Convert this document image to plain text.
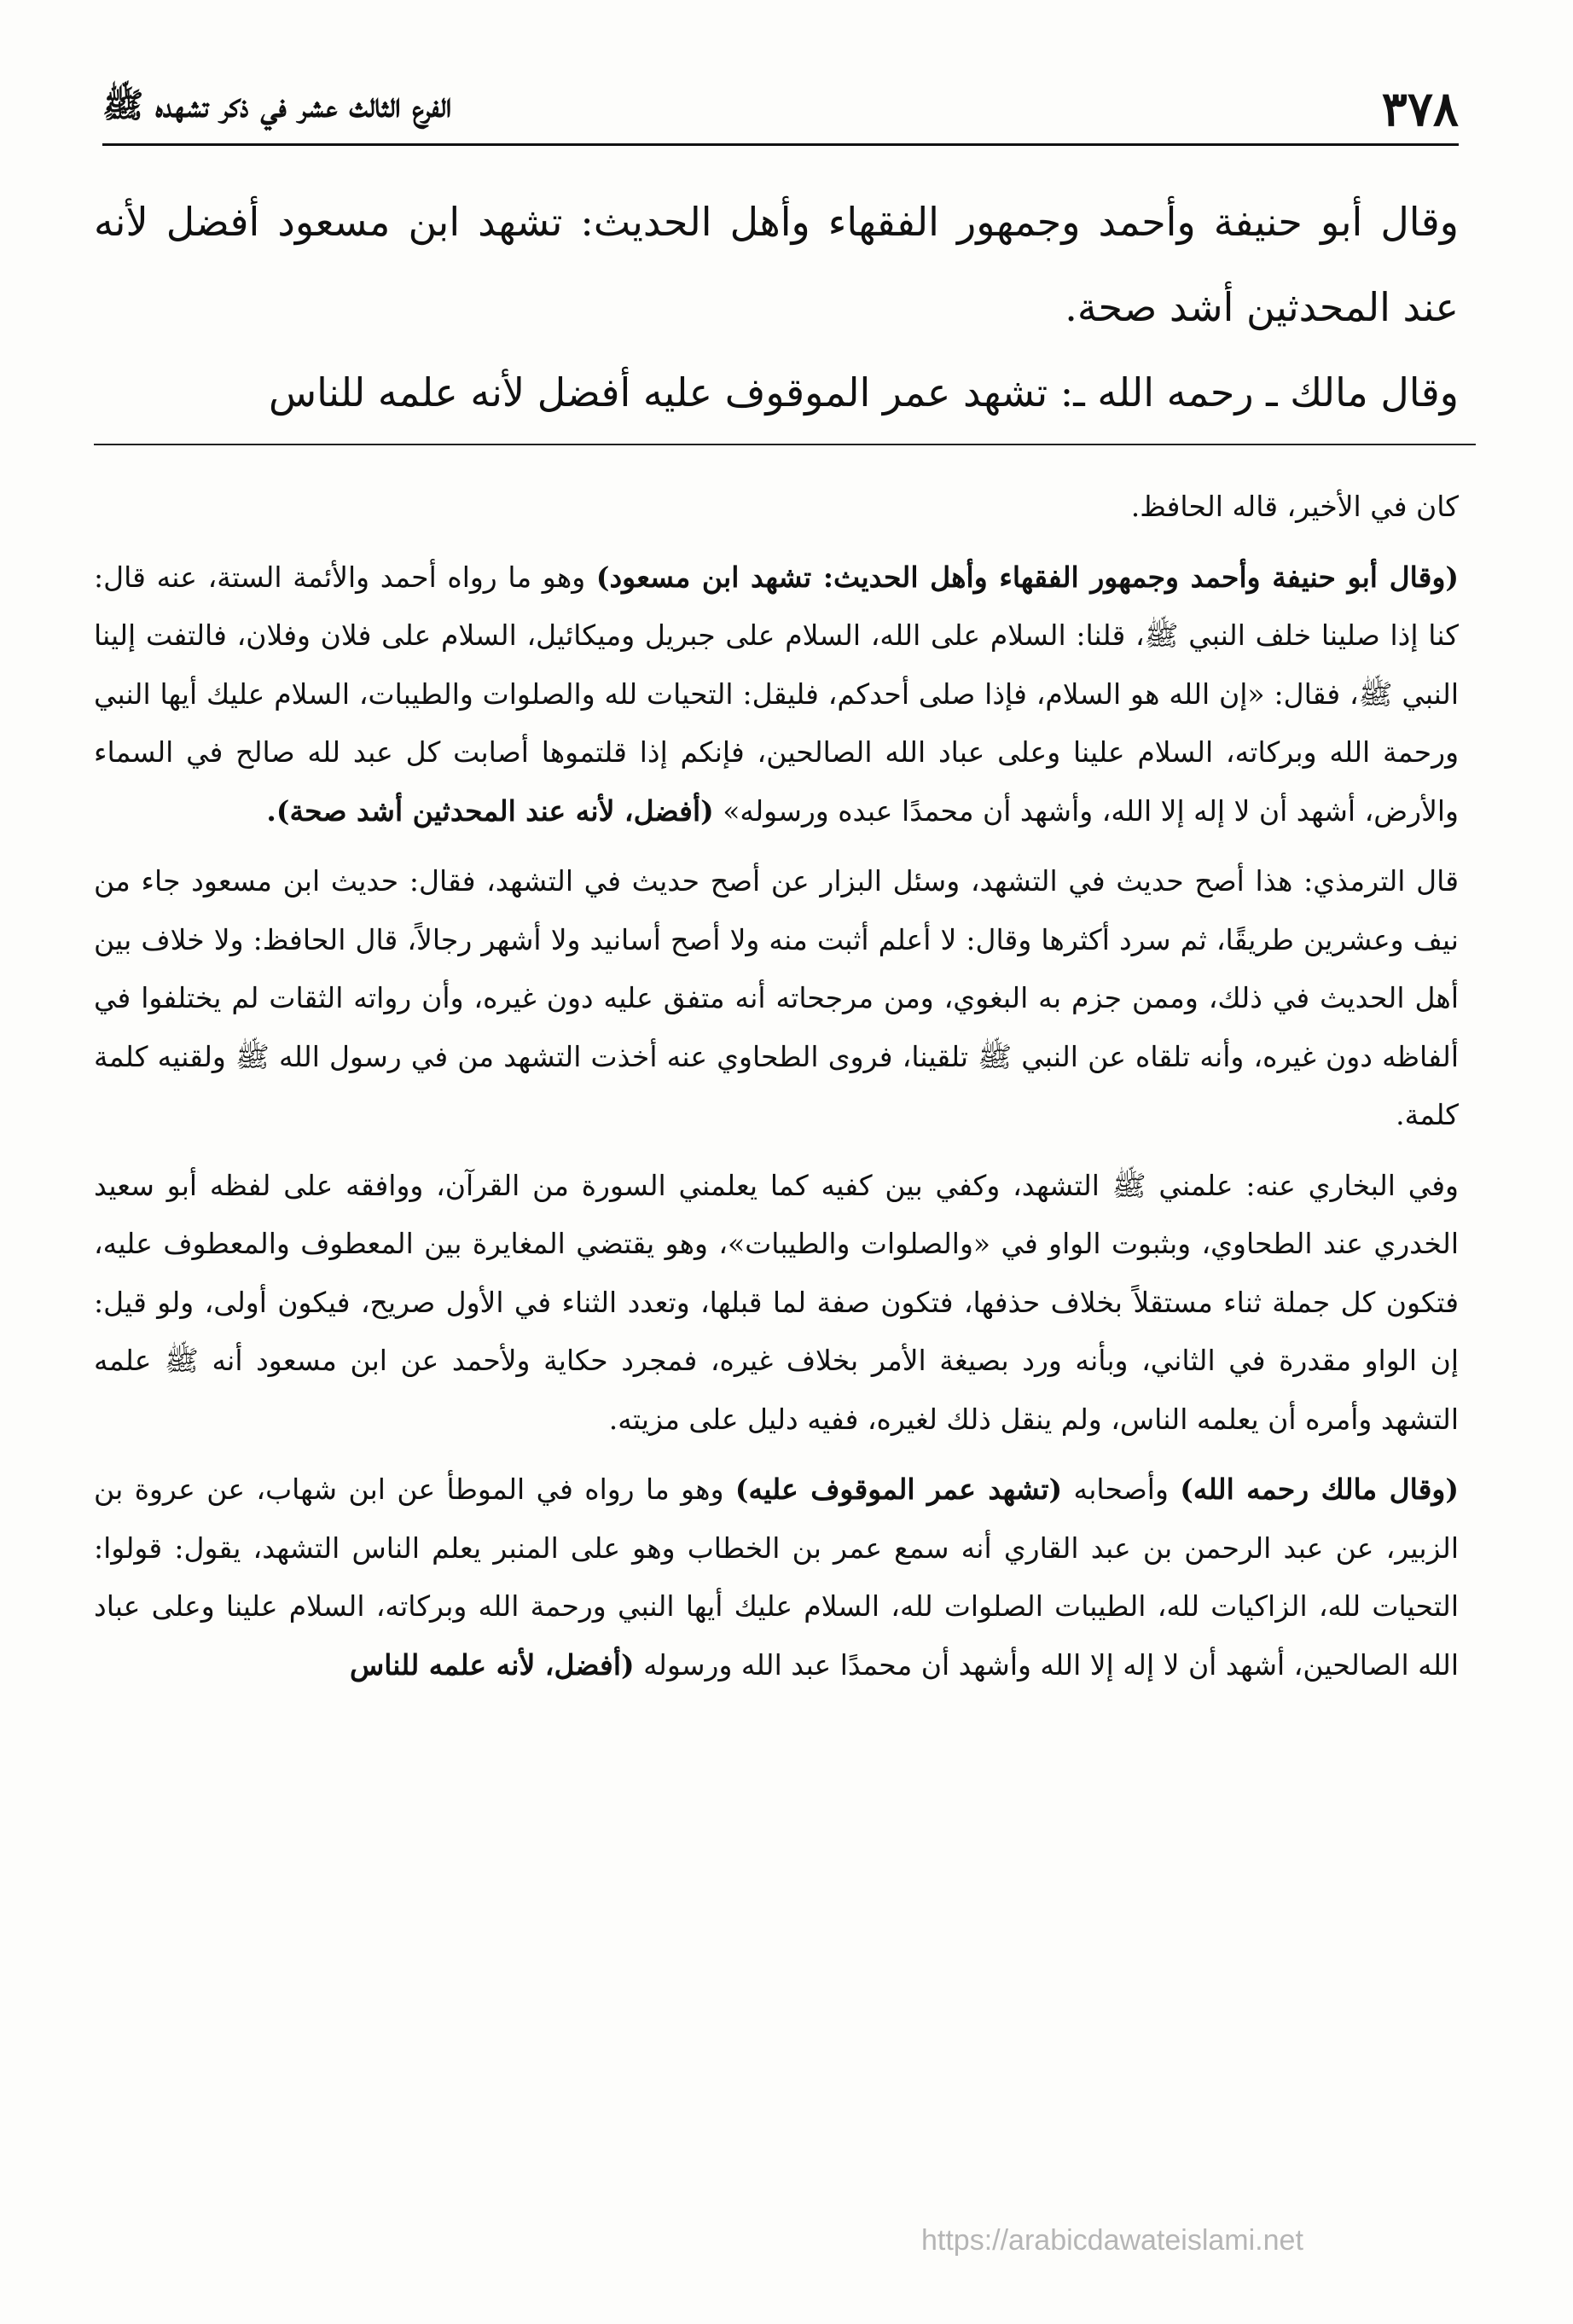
٣٧٨
الفرع الثالث عشر في ذكر تشهده ﷺ

وقال أبو حنيفة وأحمد وجمهور الفقهاء وأهل الحديث: تشهد ابن مسعود أفضل لأنه عند المحدثين أشد صحة.

وقال مالك ـ رحمه الله ـ: تشهد عمر الموقوف عليه أفضل لأنه علمه للناس

كان في الأخير، قاله الحافظ.

(وقال أبو حنيفة وأحمد وجمهور الفقهاء وأهل الحديث: تشهد ابن مسعود) وهو ما رواه أحمد والأئمة الستة، عنه قال: كنا إذا صلينا خلف النبي ﷺ، قلنا: السلام على الله، السلام على جبريل وميكائيل، السلام على فلان وفلان، فالتفت إلينا النبي ﷺ، فقال: «إن الله هو السلام، فإذا صلى أحدكم، فليقل: التحيات لله والصلوات والطيبات، السلام عليك أيها النبي ورحمة الله وبركاته، السلام علينا وعلى عباد الله الصالحين، فإنكم إذا قلتموها أصابت كل عبد لله صالح في السماء والأرض، أشهد أن لا إله إلا الله، وأشهد أن محمدًا عبده ورسوله» (أفضل، لأنه عند المحدثين أشد صحة).

قال الترمذي: هذا أصح حديث في التشهد، وسئل البزار عن أصح حديث في التشهد، فقال: حديث ابن مسعود جاء من نيف وعشرين طريقًا، ثم سرد أكثرها وقال: لا أعلم أثبت منه ولا أصح أسانيد ولا أشهر رجالاً، قال الحافظ: ولا خلاف بين أهل الحديث في ذلك، وممن جزم به البغوي، ومن مرجحاته أنه متفق عليه دون غيره، وأن رواته الثقات لم يختلفوا في ألفاظه دون غيره، وأنه تلقاه عن النبي ﷺ تلقينا، فروى الطحاوي عنه أخذت التشهد من في رسول الله ﷺ ولقنيه كلمة كلمة.

وفي البخاري عنه: علمني ﷺ التشهد، وكفي بين كفيه كما يعلمني السورة من القرآن، ووافقه على لفظه أبو سعيد الخدري عند الطحاوي، وبثبوت الواو في «والصلوات والطيبات»، وهو يقتضي المغايرة بين المعطوف والمعطوف عليه، فتكون كل جملة ثناء مستقلاً بخلاف حذفها، فتكون صفة لما قبلها، وتعدد الثناء في الأول صريح، فيكون أولى، ولو قيل: إن الواو مقدرة في الثاني، وبأنه ورد بصيغة الأمر بخلاف غيره، فمجرد حكاية ولأحمد عن ابن مسعود أنه ﷺ علمه التشهد وأمره أن يعلمه الناس، ولم ينقل ذلك لغيره، ففيه دليل على مزيته.

(وقال مالك رحمه الله) وأصحابه (تشهد عمر الموقوف عليه) وهو ما رواه في الموطأ عن ابن شهاب، عن عروة بن الزبير، عن عبد الرحمن بن عبد القاري أنه سمع عمر بن الخطاب وهو على المنبر يعلم الناس التشهد، يقول: قولوا: التحيات لله، الزاكيات لله، الطيبات الصلوات لله، السلام عليك أيها النبي ورحمة الله وبركاته، السلام علينا وعلى عباد الله الصالحين، أشهد أن لا إله إلا الله وأشهد أن محمدًا عبد الله ورسوله (أفضل، لأنه علمه للناس

https://arabicdawateislami.net
